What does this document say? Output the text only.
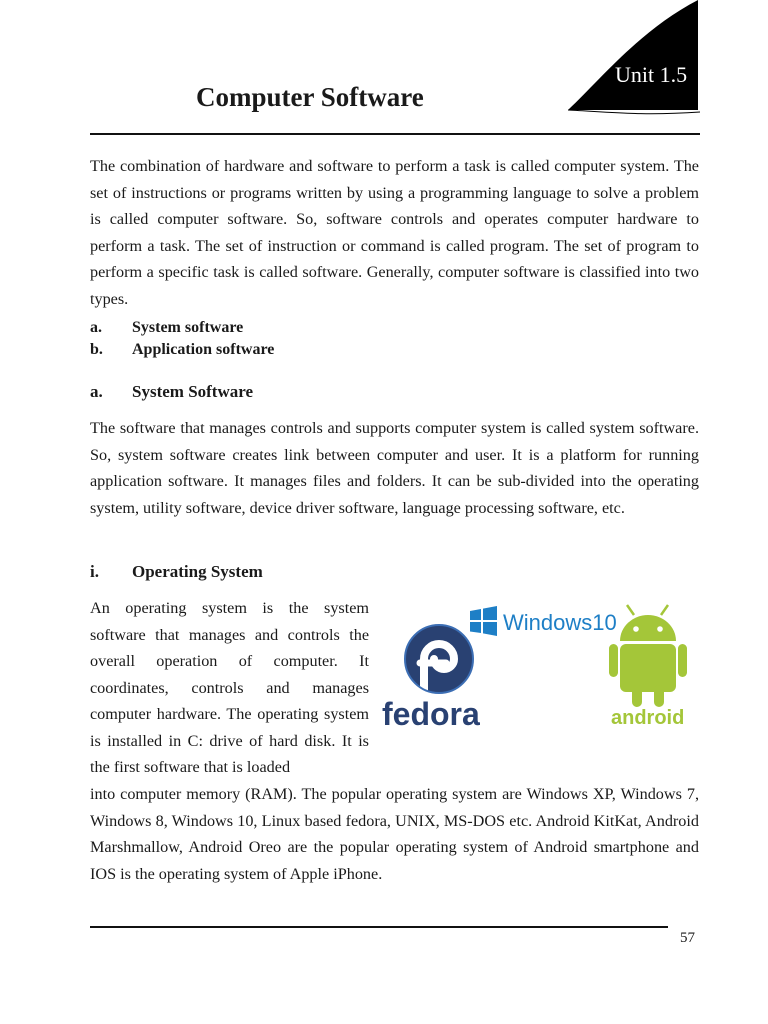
Unit 1.5
Computer Software

The combination of hardware and software to perform a task is called computer system. The set of instructions or programs written by using a programming language to solve a problem is called computer software. So, software controls and operates computer hardware to perform a task. The set of instruction or command is called program. The set of program to perform a specific task is called software. Generally, computer software is classified into two types.

a. System software
b. Application software
a. System Software

The software that manages controls and supports computer system is called system software. So, system software creates link between computer and user. It is a platform for running application software. It manages files and folders. It can be sub-divided into the operating system, utility software, device driver software, language processing software, etc.

i. Operating System

An operating system is the system software that manages and controls the overall operation of computer. It coordinates, controls and manages computer hardware. The operating system is installed in C: drive of hard disk. It is the first software that is loaded

Windows10
fedora	android

into computer memory (RAM). The popular operating system are Windows XP, Windows 7, Windows 8, Windows 10, Linux based fedora, UNIX, MS-DOS etc. Android KitKat, Android Marshmallow, Android Oreo are the popular operating system of Android smartphone and IOS is the operating system of Apple iPhone.

57
